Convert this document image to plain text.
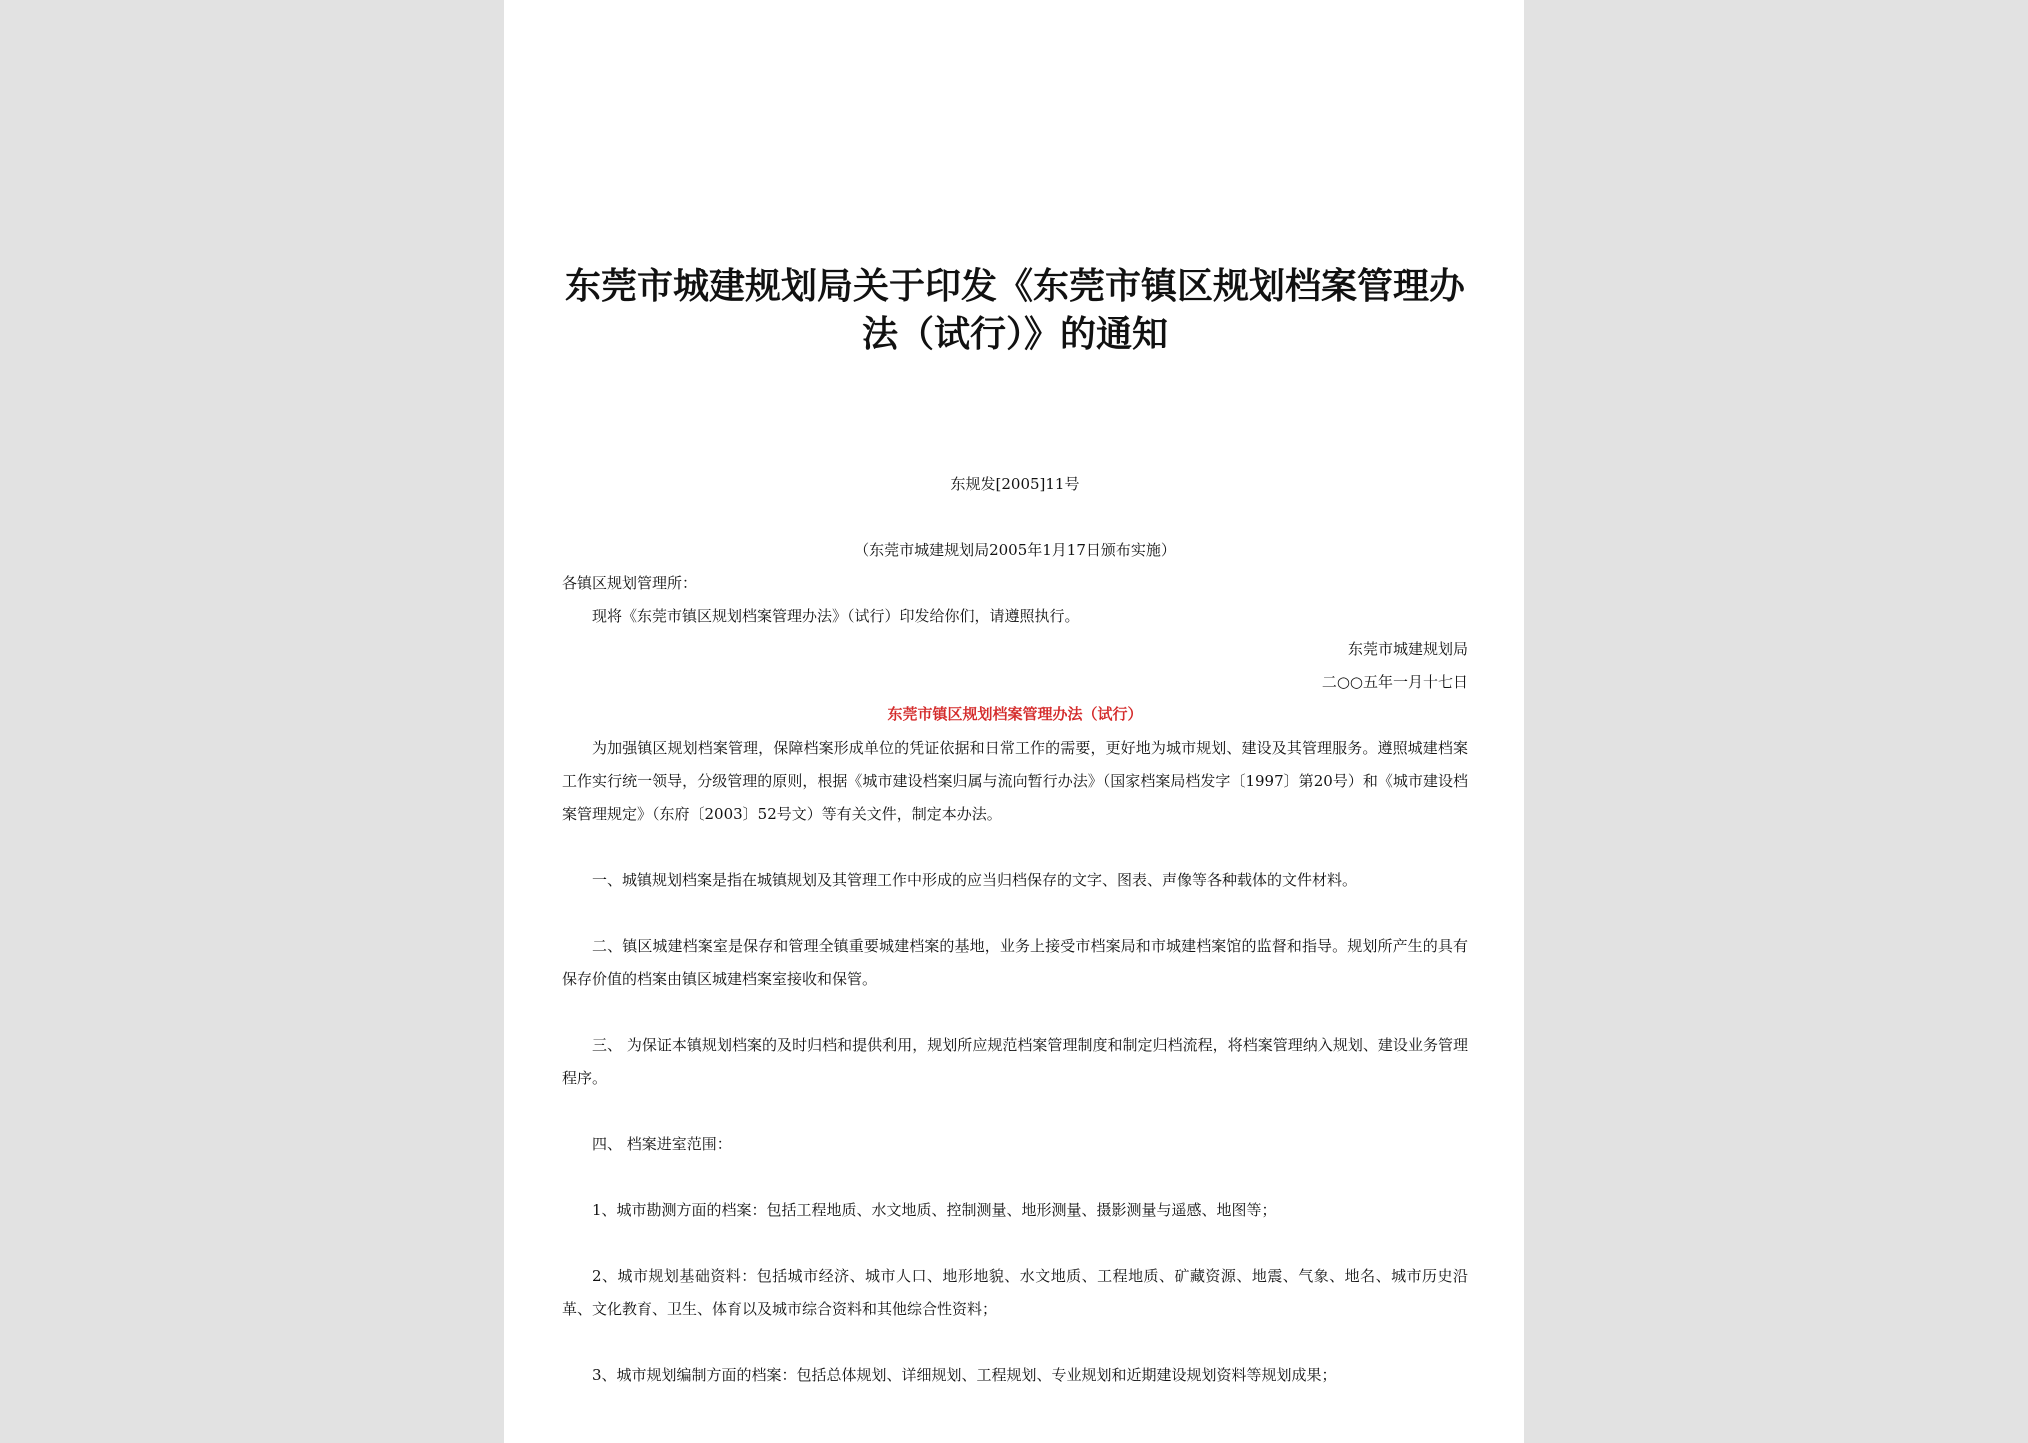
东莞市城建规划局关于印发《东莞市镇区规划档案管理办法（试行）》的通知
东规发[2005]11号
（东莞市城建规划局2005年1月17日颁布实施）
各镇区规划管理所：
现将《东莞市镇区规划档案管理办法》（试行）印发给你们，请遵照执行。
东莞市城建规划局
二○○五年一月十七日
东莞市镇区规划档案管理办法（试行）
为加强镇区规划档案管理，保障档案形成单位的凭证依据和日常工作的需要，更好地为城市规划、建设及其管理服务。遵照城建档案工作实行统一领导，分级管理的原则，根据《城市建设档案归属与流向暂行办法》（国家档案局档发字〔1997〕第20号）和《城市建设档案管理规定》（东府〔2003〕52号文）等有关文件，制定本办法。
一、城镇规划档案是指在城镇规划及其管理工作中形成的应当归档保存的文字、图表、声像等各种载体的文件材料。
二、镇区城建档案室是保存和管理全镇重要城建档案的基地，业务上接受市档案局和市城建档案馆的监督和指导。规划所产生的具有保存价值的档案由镇区城建档案室接收和保管。
三、 为保证本镇规划档案的及时归档和提供利用，规划所应规范档案管理制度和制定归档流程，将档案管理纳入规划、建设业务管理程序。
四、 档案进室范围：
1、城市勘测方面的档案：包括工程地质、水文地质、控制测量、地形测量、摄影测量与遥感、地图等；
2、城市规划基础资料：包括城市经济、城市人口、地形地貌、水文地质、工程地质、矿藏资源、地震、气象、地名、城市历史沿革、文化教育、卫生、体育以及城市综合资料和其他综合性资料；
3、城市规划编制方面的档案：包括总体规划、详细规划、工程规划、专业规划和近期建设规划资料等规划成果；
